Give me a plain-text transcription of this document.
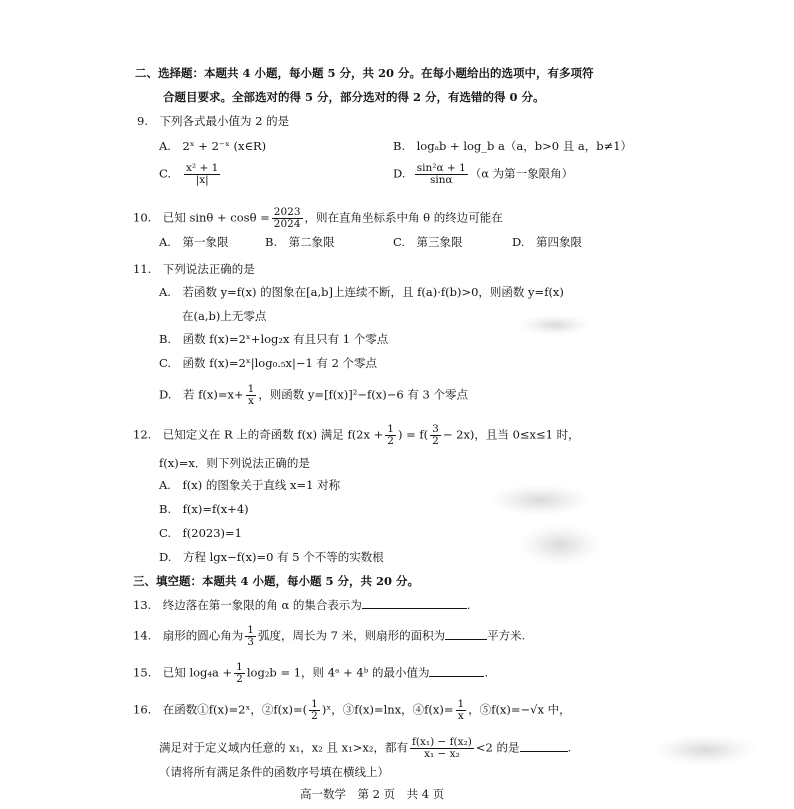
二、选择题：本题共 4 小题，每小题 5 分，共 20 分。在每小题给出的选项中，有多项符
合题目要求。全部选对的得 5 分，部分选对的得 2 分，有选错的得 0 分。
9.　下列各式最小值为 2 的是
A.　2ˣ + 2⁻ˣ (x∈R)	B.　logₐb + log_b a（a，b>0 且 a，b≠1）
C. $\frac{\text{x² + 1}}{|x|}$	D. $\frac{\text{sin²α + 1}}{\sin\alpha} (\alpha$ 为第一象限角）
10.　已知 $\sin\theta + \cos\theta = \frac{2023}{2024}$ ，则在直角坐标系中角 θ 的终边可能在
A.　第一象限	B.　第二象限	C.　第三象限	D.　第四象限
11.　下列说法正确的是
A.　若函数 y=f(x) 的图象在[a,b]上连续不断，且 f(a)·f(b)>0，则函数 y=f(x)
在(a,b)上无零点
B.　函数 f(x)=2ˣ+log₂x 有且只有 1 个零点
C.　函数 f(x)=2ˣ|log₀.₅x|−1 有 2 个零点
D.　若 $f(x)=x+ \frac{1}{x}$ ，则函数 y=[f(x)]²−f(x)−6 有 3 个零点
12.　已知定义在 R 上的奇函数 f(x) 满足 $f(2x + \frac{1}{2}$ ) = $f( \frac{3}{2} - 2x)$，且当 0≤x≤1 时，
f(x)=x．则下列说法正确的是
A.　f(x) 的图象关于直线 x=1 对称
B.　f(x)=f(x+4)
C.　f(2023)=1
D.　方程 lgx−f(x)=0 有 5 个不等的实数根
三、填空题：本题共 4 小题，每小题 5 分，共 20 分。
13.　终边落在第一象限的角 α 的集合表示为	.
14.　扇形的圆心角为 $\frac{1}{3}$ 弧度，周长为 7 米，则扇形的面积为	平方米.
15.　已知 $\log_4a + \frac{1}{2} \log_2b = 1$，则 4ᵃ + 4ᵇ 的最小值为	.
16.　在函数①f(x)=2ˣ，②f(x)=( $\frac{1}{2}$ )ˣ，③f(x)=lnx，④f(x)= $\frac{1}{x}$ ，⑤f(x)=−√x 中，
满足对于定义域内任意的 x₁，x₂ 且 x₁>x₂，都有 $\frac{\text{f(x₁) − f(x₂)}}{\text{x₁ − x₂}} <2$ 的是	.
（请将所有满足条件的函数序号填在横线上）
高一数学　第 2 页　共 4 页
